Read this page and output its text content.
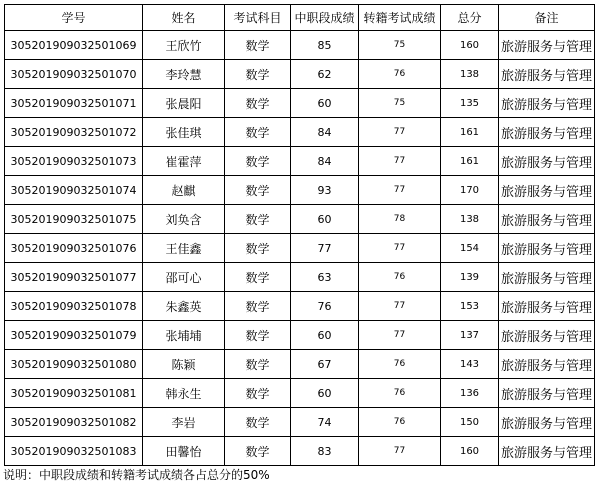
学号	姓名	考试科目	中职段成绩	转籍考试成绩	总分	备注
305201909032501069	王欣竹	数学	85	75	160	旅游服务与管理
305201909032501070	李玲慧	数学	62	76	138	旅游服务与管理
305201909032501071	张晨阳	数学	60	75	135	旅游服务与管理
305201909032501072	张佳琪	数学	84	77	161	旅游服务与管理
305201909032501073	崔霍萍	数学	84	77	161	旅游服务与管理
305201909032501074	赵麒	数学	93	77	170	旅游服务与管理
305201909032501075	刘奂含	数学	60	78	138	旅游服务与管理
305201909032501076	王佳鑫	数学	77	77	154	旅游服务与管理
305201909032501077	邵可心	数学	63	76	139	旅游服务与管理
305201909032501078	朱鑫英	数学	76	77	153	旅游服务与管理
305201909032501079	张埔埔	数学	60	77	137	旅游服务与管理
305201909032501080	陈颖	数学	67	76	143	旅游服务与管理
305201909032501081	韩永生	数学	60	76	136	旅游服务与管理
305201909032501082	李岩	数学	74	76	150	旅游服务与管理
305201909032501083	田馨怡	数学	83	77	160	旅游服务与管理
说明：中职段成绩和转籍考试成绩各占总分的50%
